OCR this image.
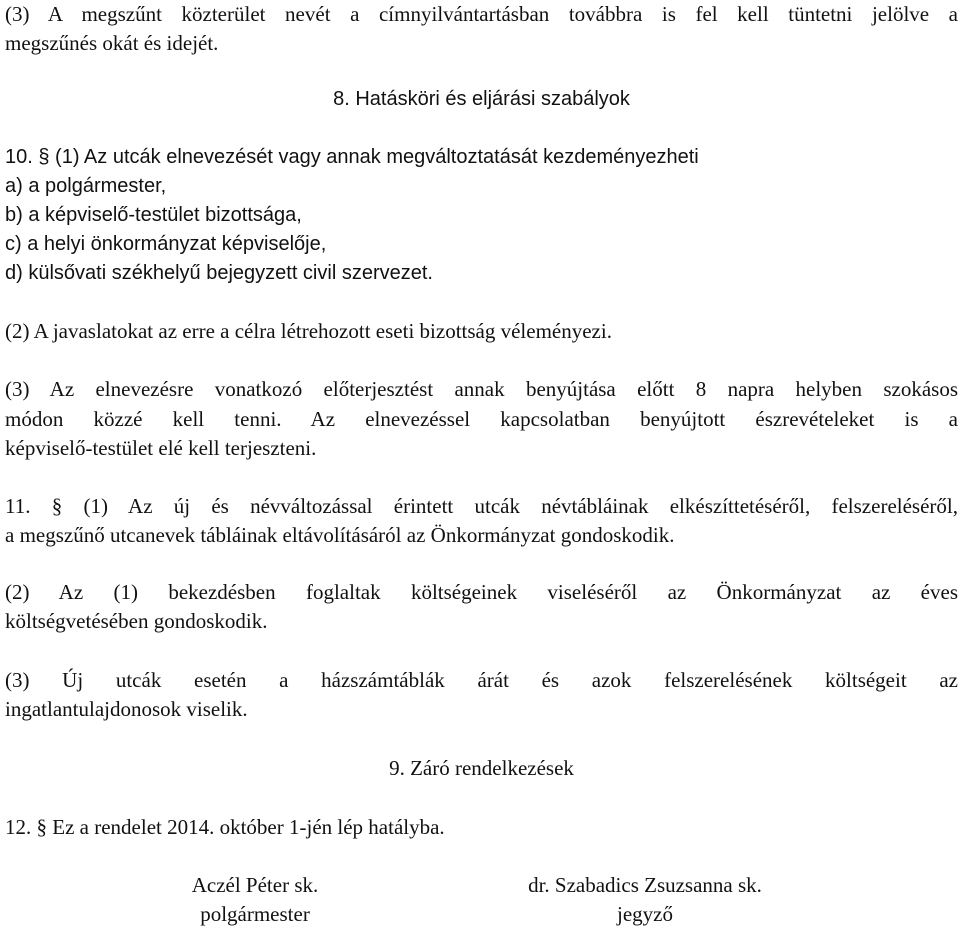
(3) A megszűnt közterület nevét a címnyilvántartásban továbbra is fel kell tüntetni jelölve a
megszűnés okát és idejét.
8. Hatásköri és eljárási szabályok
10. § (1) Az utcák elnevezését vagy annak megváltoztatását kezdeményezheti
a) a polgármester,
b) a képviselő-testület bizottsága,
c) a helyi önkormányzat képviselője,
d) külsővati székhelyű bejegyzett civil szervezet.
(2) A javaslatokat az erre a célra létrehozott eseti bizottság véleményezi.
(3) Az elnevezésre vonatkozó előterjesztést annak benyújtása előtt 8 napra helyben szokásos
módon közzé kell tenni. Az elnevezéssel kapcsolatban benyújtott észrevételeket is a
képviselő-testület elé kell terjeszteni.
11. § (1) Az új és névváltozással érintett utcák névtábláinak elkészíttetéséről, felszereléséről,
a megszűnő utcanevek tábláinak eltávolításáról az Önkormányzat gondoskodik.
(2) Az (1) bekezdésben foglaltak költségeinek viseléséről az Önkormányzat az éves
költségvetésében gondoskodik.
(3) Új utcák esetén a házszámtáblák árát és azok felszerelésének költségeit az
ingatlantulajdonosok viselik.
9. Záró rendelkezések
12. § Ez a rendelet 2014. október 1-jén lép hatályba.
Aczél Péter sk.
polgármester
dr. Szabadics Zsuzsanna sk.
jegyző
